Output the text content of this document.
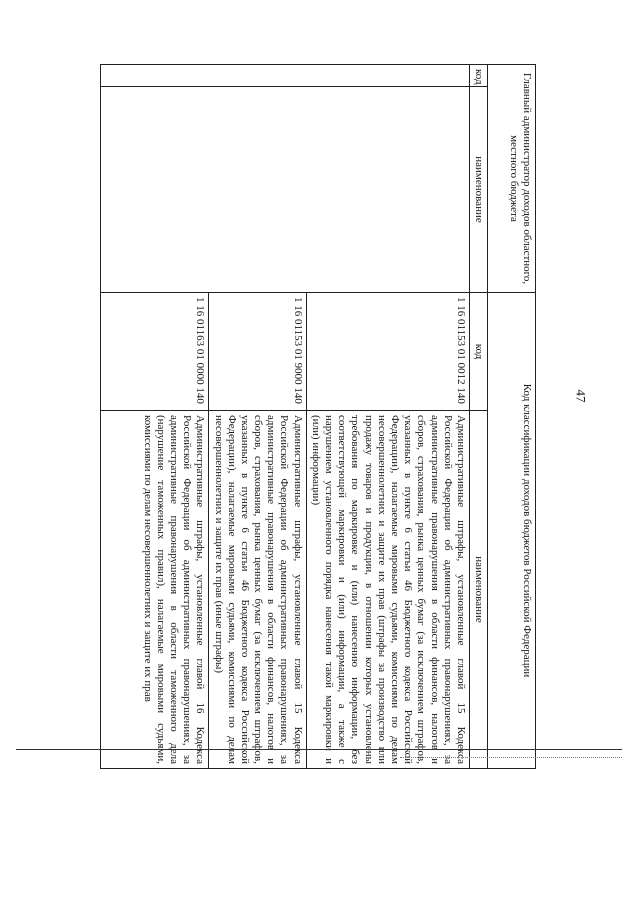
47
Главный администратор доходов областного, местного бюджета		Код классификации доходов бюджетов Российской Федерации	
код	наименование	код	наименование
		1 16 01153 01 0012 140	Административные штрафы, установленные главой 15 Кодекса Российской Федерации об административных правонарушениях, за административные правонарушения в области финансов, налогов и сборов, страхования, рынка ценных бумаг (за исключением штрафов, указанных в пункте 6 статьи 46 Бюджетного кодекса Российской Федерации), налагаемые мировыми судьями, комиссиями по делам несовершеннолетних и защите их прав (штрафы за производство или продажу товаров и продукции, в отношении которых установлены требования по маркировке и (или) нанесению информации, без соответствующей маркировки и (или) информации, а также с нарушением установленного порядка нанесения такой маркировки и (или) информации)
		1 16 01153 01 9000 140	Административные штрафы, установленные главой 15 Кодекса Российской Федерации об административных правонарушениях, за административные правонарушения в области финансов, налогов и сборов, страхования, рынка ценных бумаг (за исключением штрафов, указанных в пункте 6 статьи 46 Бюджетного кодекса Российской Федерации), налагаемые мировыми судьями, комиссиями по делам несовершеннолетних и защите их прав (иные штрафы)
		1 16 01163 01 0000 140	Административные штрафы, установленные главой 16 Кодекса Российской Федерации об административных правонарушениях, за административные правонарушения в области таможенного дела (нарушение таможенных правил), налагаемые мировыми судьями, комиссиями по делам несовершеннолетних и защите их прав
